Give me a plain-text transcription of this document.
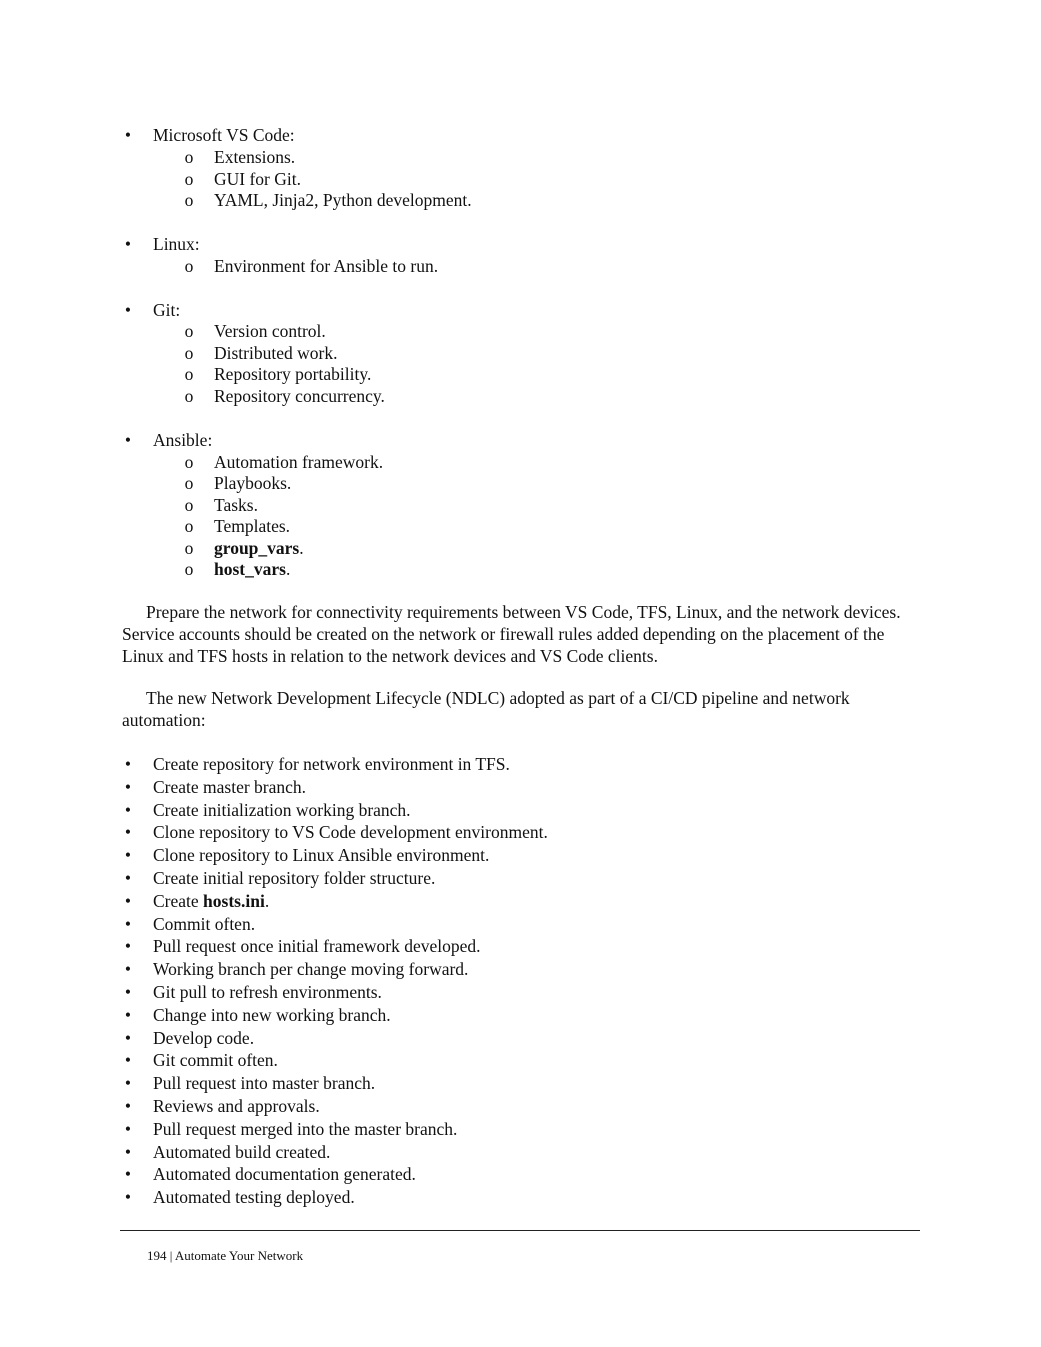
• Microsoft VS Code:
o Extensions.
o GUI for Git.
o YAML, Jinja2, Python development.
• Linux:
o Environment for Ansible to run.
• Git:
o Version control.
o Distributed work.
o Repository portability.
o Repository concurrency.
• Ansible:
o Automation framework.
o Playbooks.
o Tasks.
o Templates.
o group_vars.
o host_vars.

Prepare the network for connectivity requirements between VS Code, TFS, Linux, and the network devices. Service accounts should be created on the network or firewall rules added depending on the placement of the Linux and TFS hosts in relation to the network devices and VS Code clients.

The new Network Development Lifecycle (NDLC) adopted as part of a CI/CD pipeline and network automation:

• Create repository for network environment in TFS.
• Create master branch.
• Create initialization working branch.
• Clone repository to VS Code development environment.
• Clone repository to Linux Ansible environment.
• Create initial repository folder structure.
• Create hosts.ini.
• Commit often.
• Pull request once initial framework developed.
• Working branch per change moving forward.
• Git pull to refresh environments.
• Change into new working branch.
• Develop code.
• Git commit often.
• Pull request into master branch.
• Reviews and approvals.
• Pull request merged into the master branch.
• Automated build created.
• Automated documentation generated.
• Automated testing deployed.
194 | Automate Your Network
